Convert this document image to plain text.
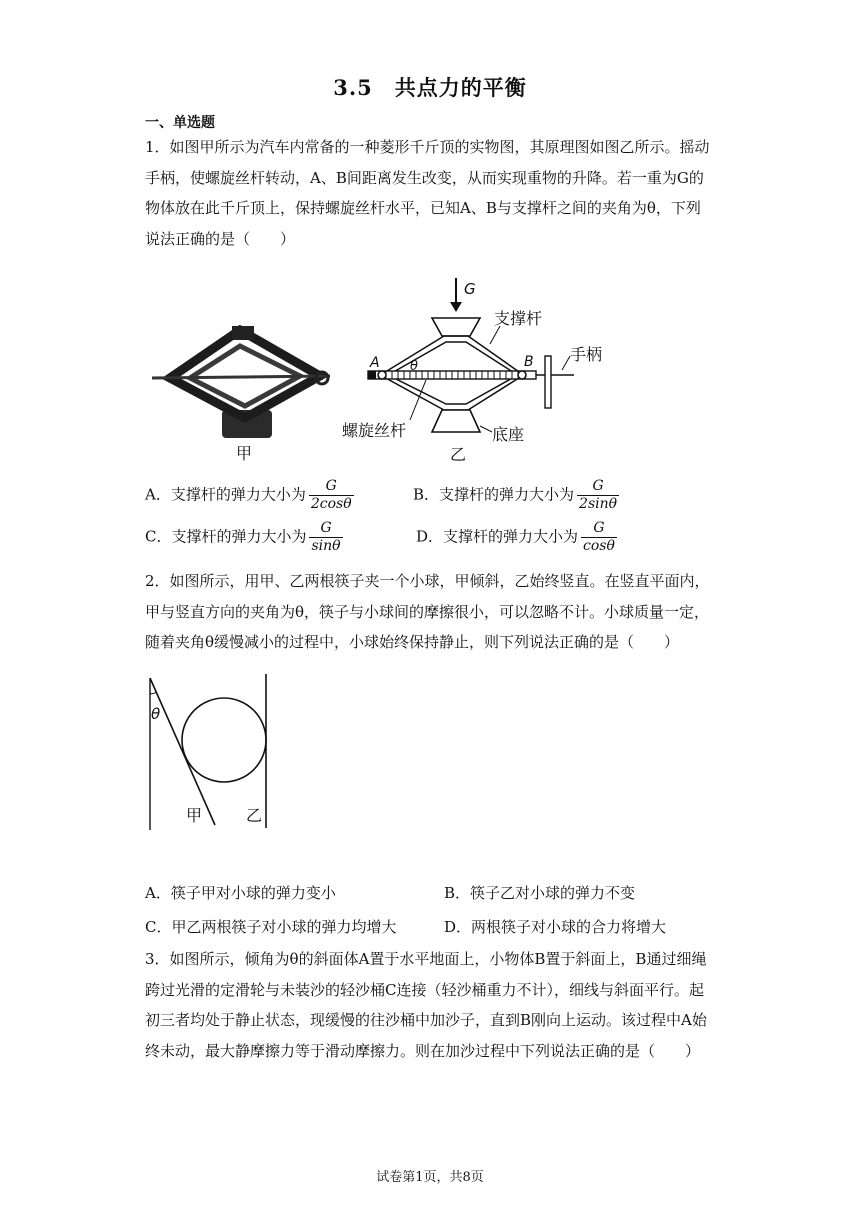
3.5　共点力的平衡
一、单选题

1．如图甲所示为汽车内常备的一种菱形千斤顶的实物图，其原理图如图乙所示。摇动手柄，使螺旋丝杆转动，A、B间距离发生改变，从而实现重物的升降。若一重为G的物体放在此千斤顶上，保持螺旋丝杆水平，已知A、B与支撑杆之间的夹角为θ，下列说法正确的是（　　）

甲
G
A	B
θ
支撑杆
手柄
螺旋丝杆	底座
乙
A．支撑杆的弹力大小为 $\frac{G}{2\cos\theta}$	B．支撑杆的弹力大小为 $\frac{G}{2\sin\theta}$
C．支撑杆的弹力大小为 $\frac{G}{\sin\theta}$	D．支撑杆的弹力大小为 $\frac{G}{\cos\theta}$

2．如图所示，用甲、乙两根筷子夹一个小球，甲倾斜，乙始终竖直。在竖直平面内，甲与竖直方向的夹角为θ，筷子与小球间的摩擦很小，可以忽略不计。小球质量一定，随着夹角θ缓慢减小的过程中，小球始终保持静止，则下列说法正确的是（　　）

θ
甲	乙
A．筷子甲对小球的弹力变小	B．筷子乙对小球的弹力不变
C．甲乙两根筷子对小球的弹力均增大	D．两根筷子对小球的合力将增大

3．如图所示，倾角为θ的斜面体A置于水平地面上，小物体B置于斜面上，B通过细绳跨过光滑的定滑轮与未装沙的轻沙桶C连接（轻沙桶重力不计），细线与斜面平行。起初三者均处于静止状态，现缓慢的往沙桶中加沙子，直到B刚向上运动。该过程中A始终未动，最大静摩擦力等于滑动摩擦力。则在加沙过程中下列说法正确的是（　　）

试卷第1页，共8页
